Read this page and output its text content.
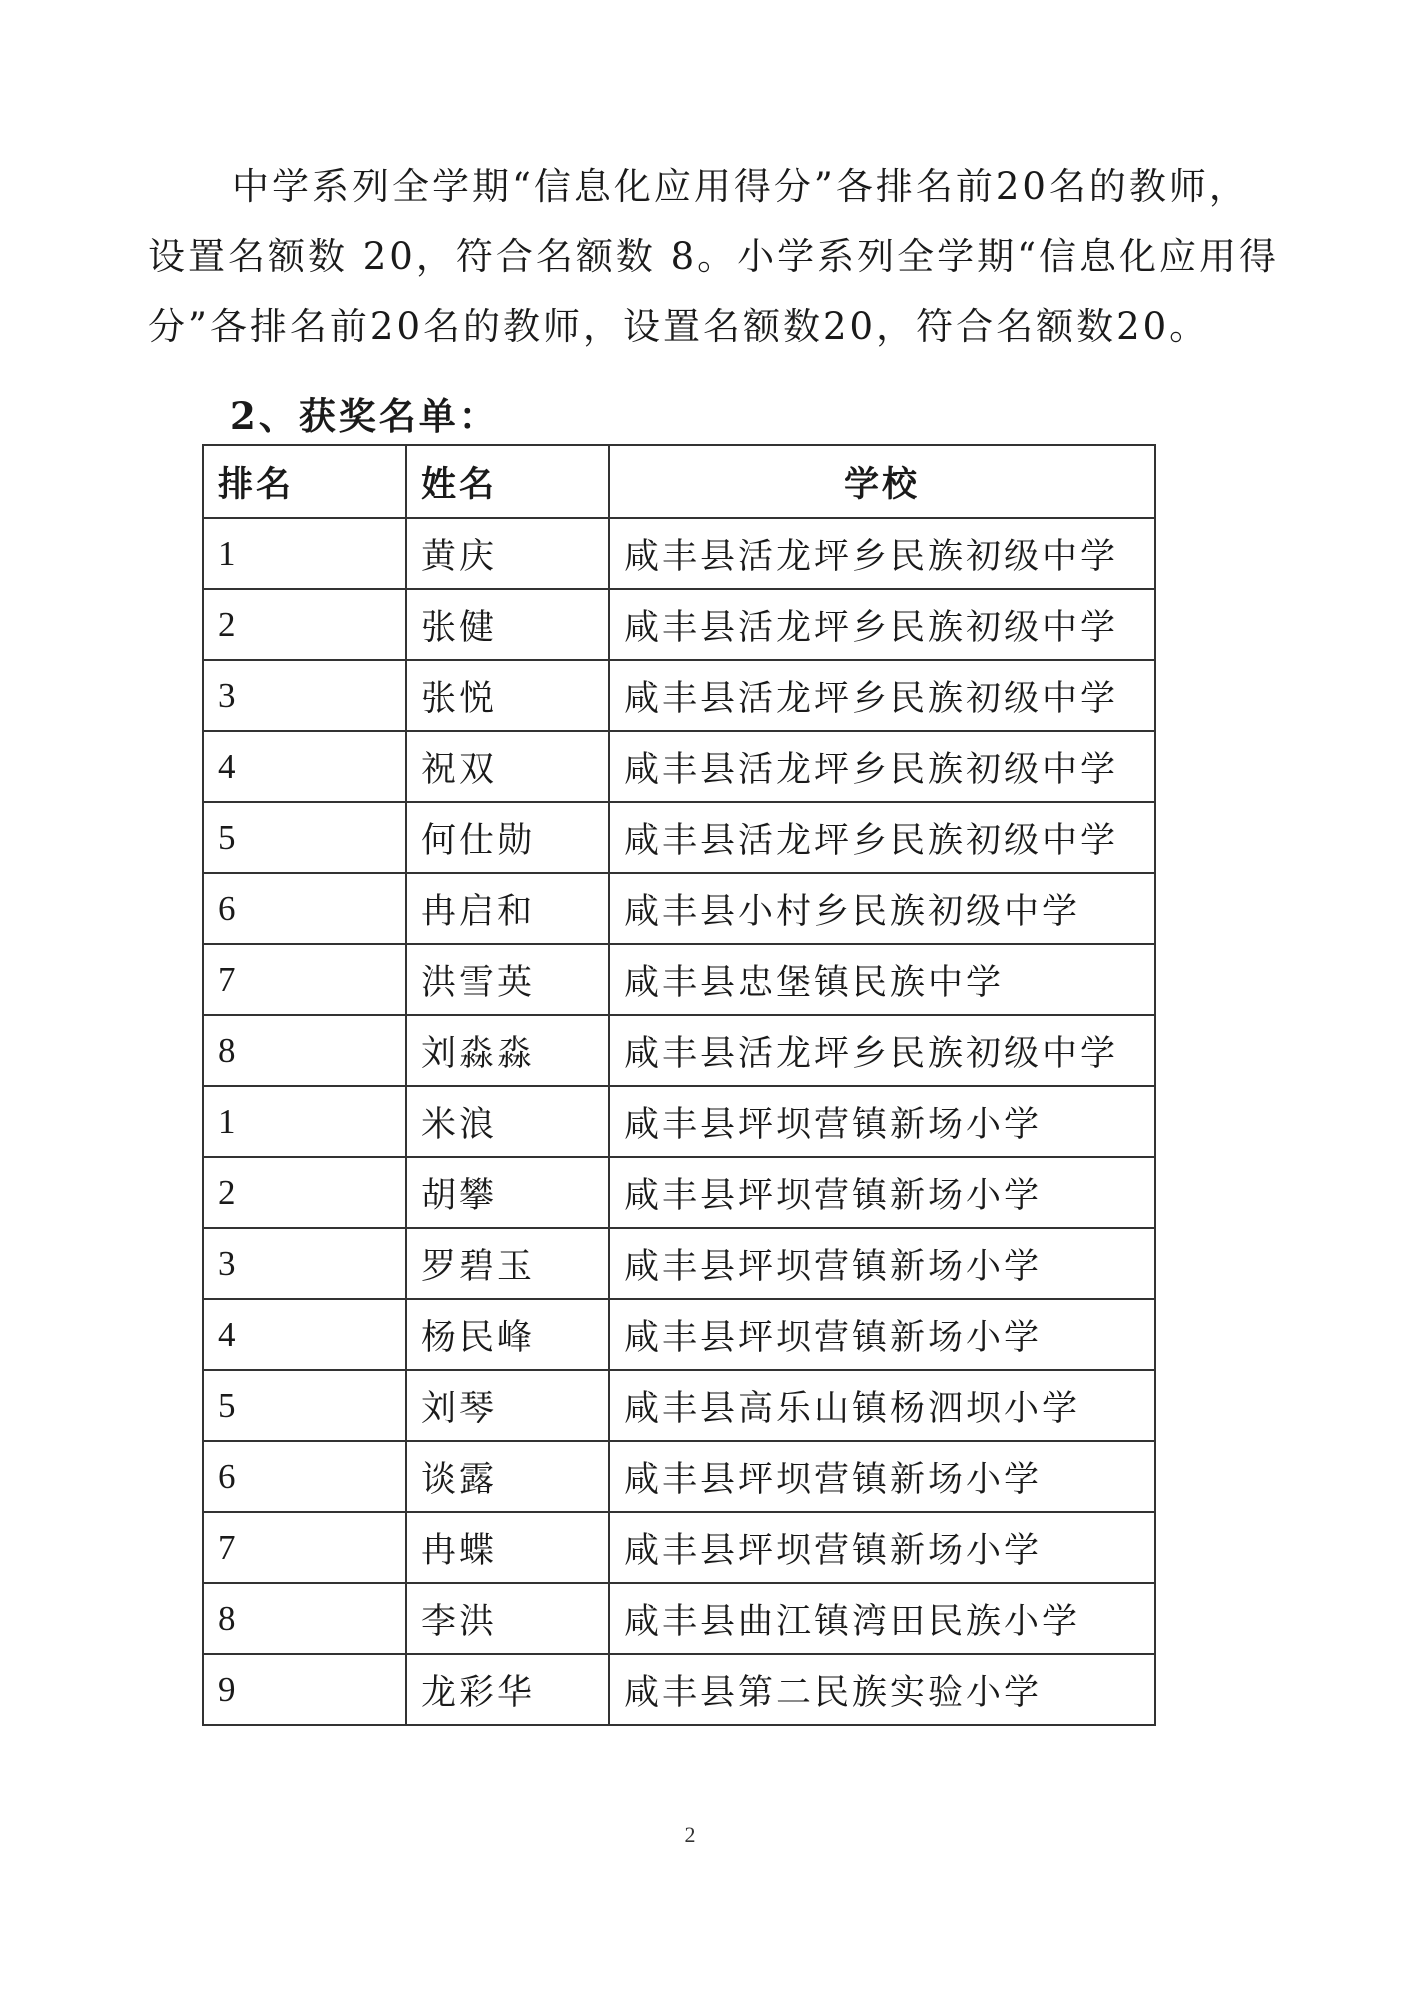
中学系列全学期“信息化应用得分”各排名前20名的教师，
设置名额数 20，符合名额数 8。小学系列全学期“信息化应用得
分”各排名前20名的教师，设置名额数20，符合名额数20。

2、获奖名单：
排名	姓名	学校
1	黄庆	咸丰县活龙坪乡民族初级中学
2	张健	咸丰县活龙坪乡民族初级中学
3	张悦	咸丰县活龙坪乡民族初级中学
4	祝双	咸丰县活龙坪乡民族初级中学
5	何仕勋	咸丰县活龙坪乡民族初级中学
6	冉启和	咸丰县小村乡民族初级中学
7	洪雪英	咸丰县忠堡镇民族中学
8	刘淼淼	咸丰县活龙坪乡民族初级中学
1	米浪	咸丰县坪坝营镇新场小学
2	胡攀	咸丰县坪坝营镇新场小学
3	罗碧玉	咸丰县坪坝营镇新场小学
4	杨民峰	咸丰县坪坝营镇新场小学
5	刘琴	咸丰县高乐山镇杨泗坝小学
6	谈露	咸丰县坪坝营镇新场小学
7	冉蝶	咸丰县坪坝营镇新场小学
8	李洪	咸丰县曲江镇湾田民族小学
9	龙彩华	咸丰县第二民族实验小学
2
